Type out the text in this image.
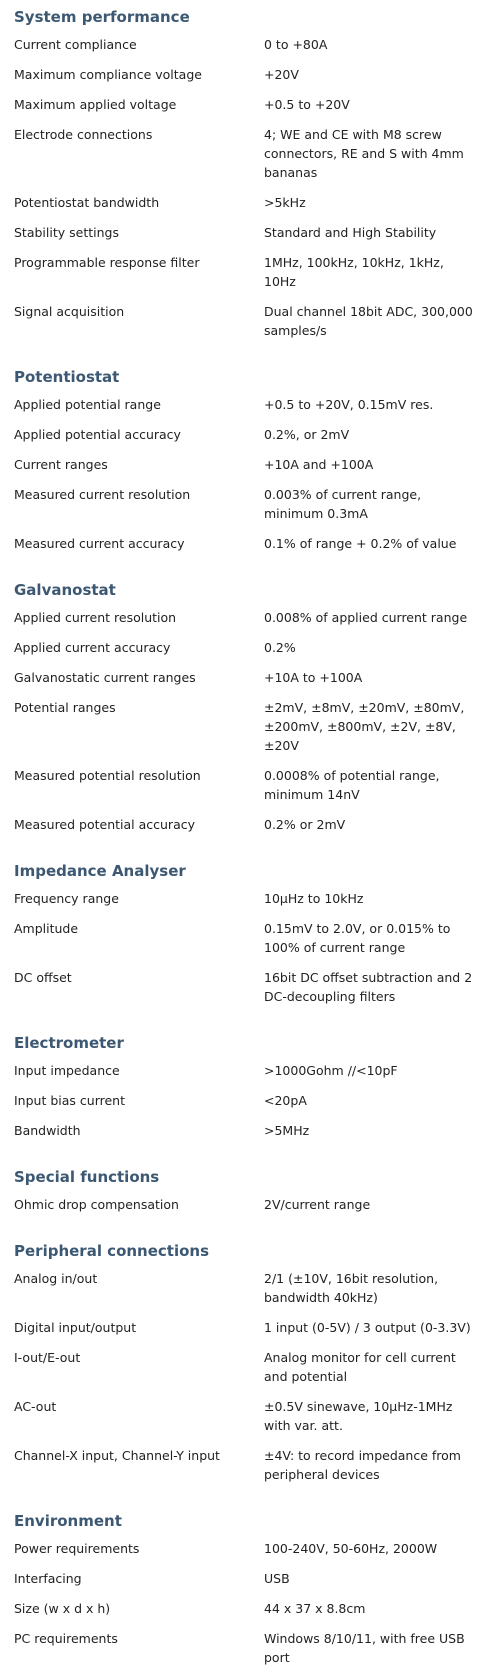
System performance
Current compliance	0 to +80A
Maximum compliance voltage	+20V
Maximum applied voltage	+0.5 to +20V
Electrode connections	4; WE and CE with M8 screw connectors, RE and S with 4mm bananas
Potentiostat bandwidth	>5kHz
Stability settings	Standard and High Stability
Programmable response filter	1MHz, 100kHz, 10kHz, 1kHz, 10Hz
Signal acquisition	Dual channel 18bit ADC, 300,000 samples/s
Potentiostat
Applied potential range	+0.5 to +20V, 0.15mV res.
Applied potential accuracy	0.2%, or 2mV
Current ranges	+10A and +100A
Measured current resolution	0.003% of current range, minimum 0.3mA
Measured current accuracy	0.1% of range + 0.2% of value
Galvanostat
Applied current resolution	0.008% of applied current range
Applied current accuracy	0.2%
Galvanostatic current ranges	+10A to +100A
Potential ranges	±2mV, ±8mV, ±20mV, ±80mV, ±200mV, ±800mV, ±2V, ±8V, ±20V
Measured potential resolution	0.0008% of potential range, minimum 14nV
Measured potential accuracy	0.2% or 2mV
Impedance Analyser
Frequency range	10µHz to 10kHz
Amplitude	0.15mV to 2.0V, or 0.015% to 100% of current range
DC offset	16bit DC offset subtraction and 2 DC-decoupling filters
Electrometer
Input impedance	>1000Gohm //<10pF
Input bias current	<20pA
Bandwidth	>5MHz
Special functions
Ohmic drop compensation	2V/current range
Peripheral connections
Analog in/out	2/1 (±10V, 16bit resolution, bandwidth 40kHz)
Digital input/output	1 input (0-5V) / 3 output (0-3.3V)
I-out/E-out	Analog monitor for cell current and potential
AC-out	±0.5V sinewave, 10µHz-1MHz with var. att.
Channel-X input, Channel-Y input	±4V: to record impedance from peripheral devices
Environment
Power requirements	100-240V, 50-60Hz, 2000W
Interfacing	USB
Size (w x d x h)	44 x 37 x 8.8cm
PC requirements	Windows 8/10/11, with free USB port
